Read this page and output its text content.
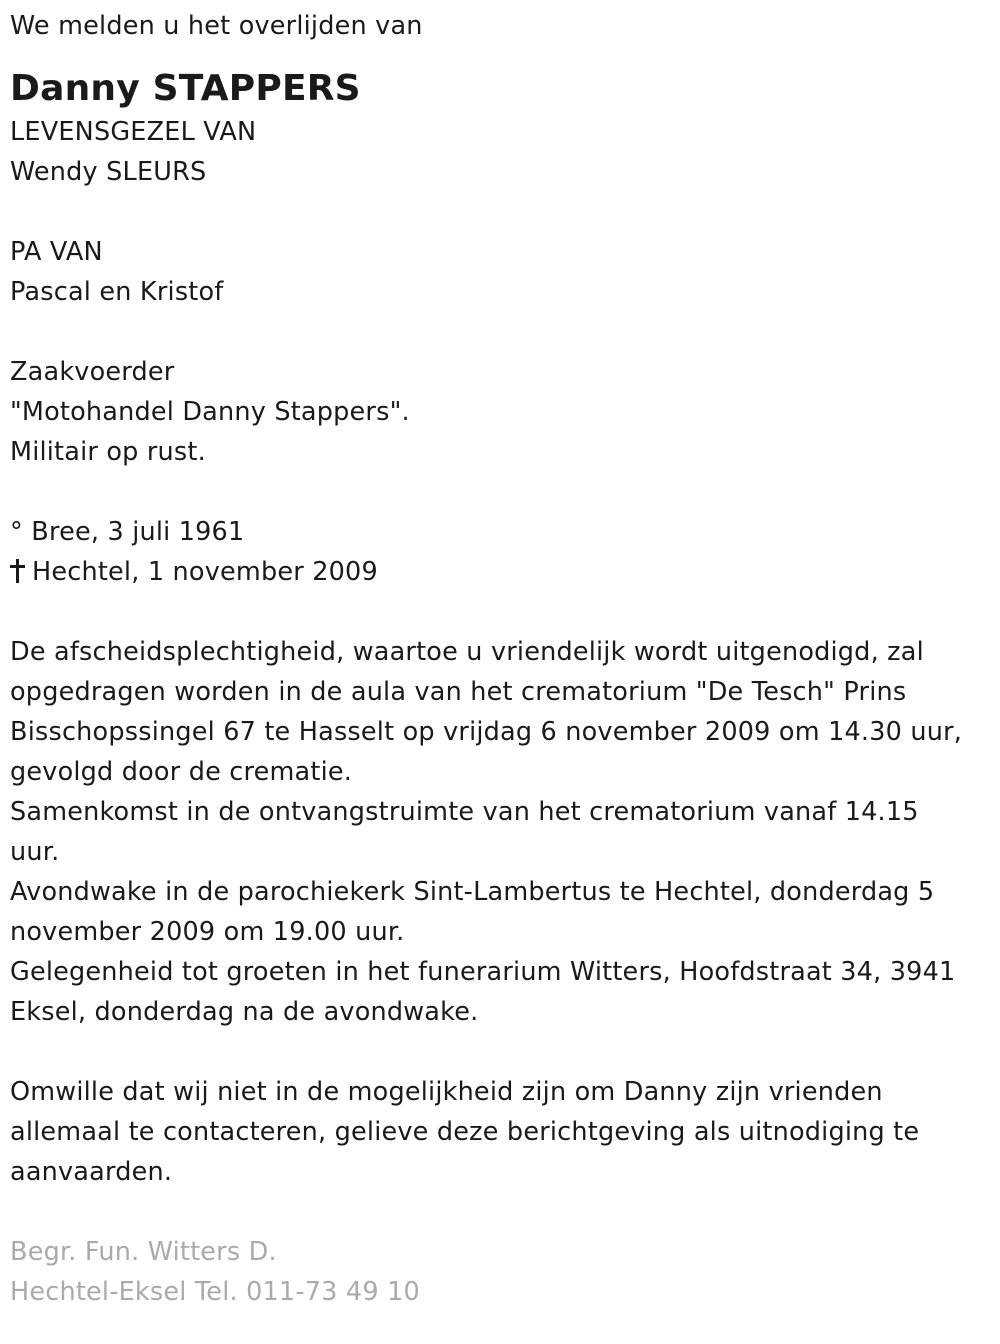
We melden u het overlijden van
Danny STAPPERS
LEVENSGEZEL VAN
Wendy SLEURS
PA VAN
Pascal en Kristof
Zaakvoerder
"Motohandel Danny Stappers".
Militair op rust.
° Bree, 3 juli 1961
Hechtel, 1 november 2009
De afscheidsplechtigheid, waartoe u vriendelijk wordt uitgenodigd, zal
opgedragen worden in de aula van het crematorium "De Tesch" Prins
Bisschopssingel 67 te Hasselt op vrijdag 6 november 2009 om 14.30 uur,
gevolgd door de crematie.
Samenkomst in de ontvangstruimte van het crematorium vanaf 14.15
uur.
Avondwake in de parochiekerk Sint-Lambertus te Hechtel, donderdag 5
november 2009 om 19.00 uur.
Gelegenheid tot groeten in het funerarium Witters, Hoofdstraat 34, 3941
Eksel, donderdag na de avondwake.
Omwille dat wij niet in de mogelijkheid zijn om Danny zijn vrienden
allemaal te contacteren, gelieve deze berichtgeving als uitnodiging te
aanvaarden.
Begr. Fun. Witters D.
Hechtel-Eksel Tel. 011-73 49 10
